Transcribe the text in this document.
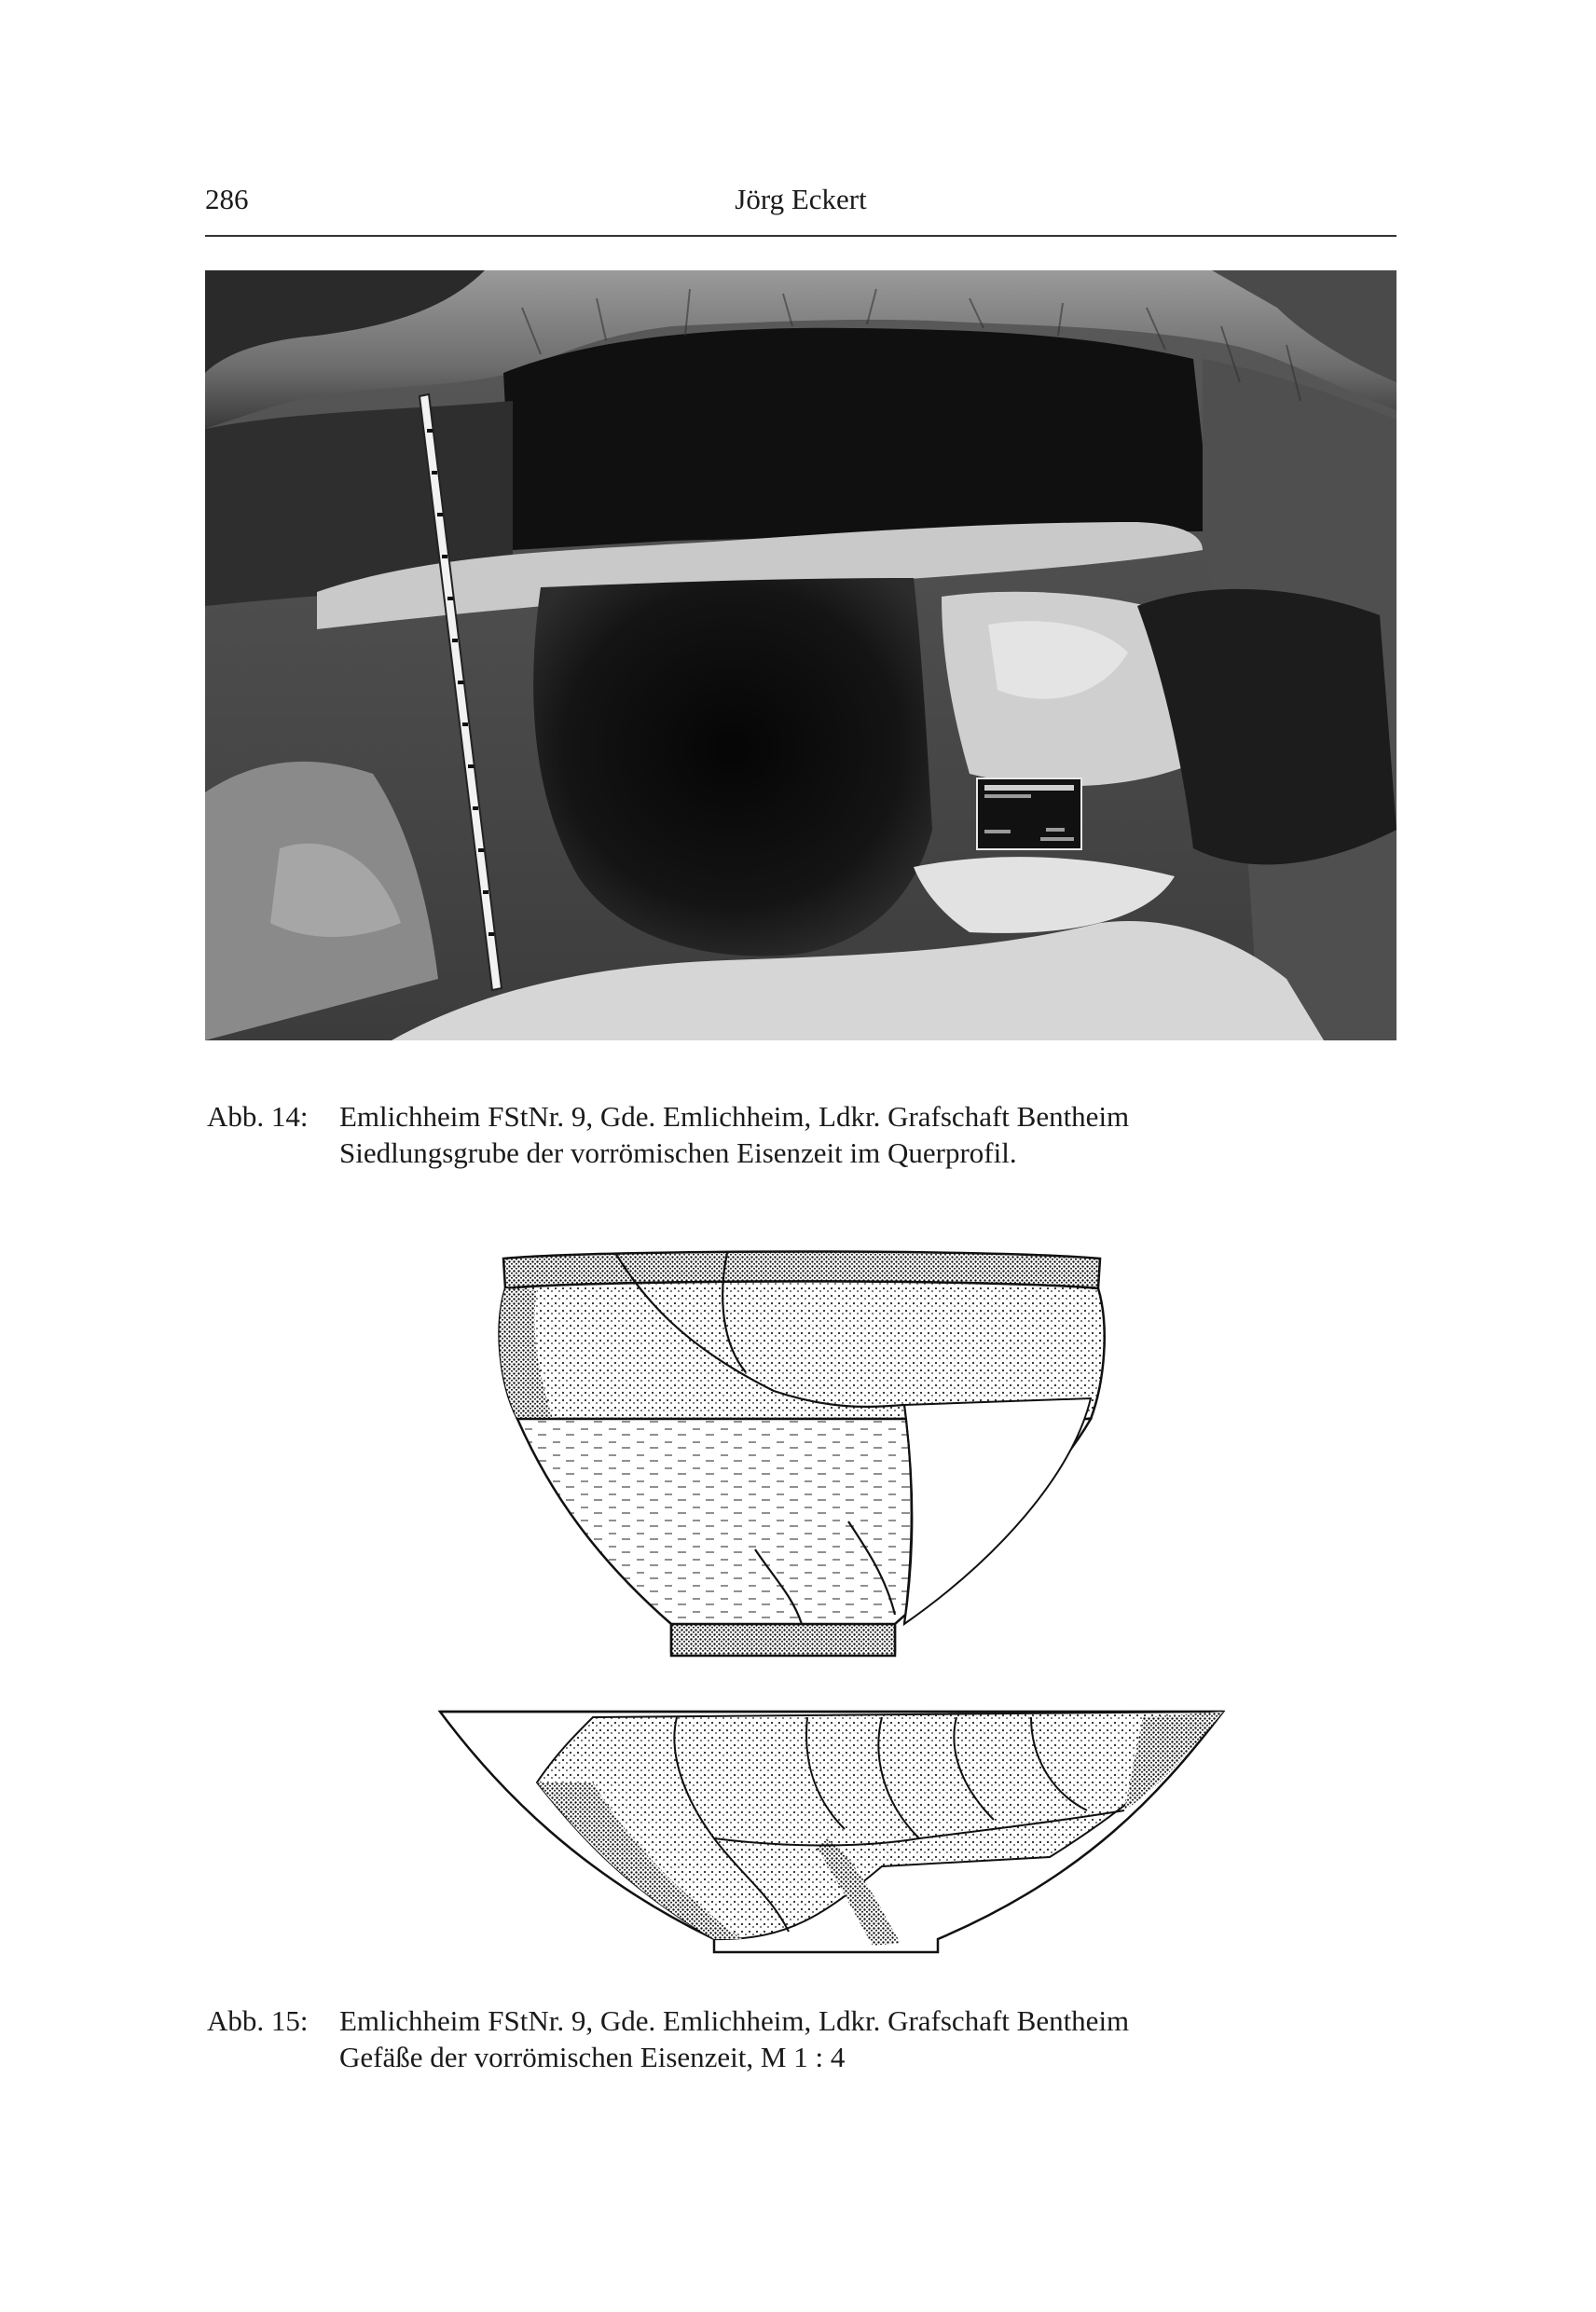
286	Jörg Eckert
Abb. 14: Emlichheim FStNr. 9, Gde. Emlichheim, Ldkr. Grafschaft Bentheim
Siedlungsgrube der vorrömischen Eisenzeit im Querprofil.
Abb. 15: Emlichheim FStNr. 9, Gde. Emlichheim, Ldkr. Grafschaft Bentheim
Gefäße der vorrömischen Eisenzeit, M 1 : 4
